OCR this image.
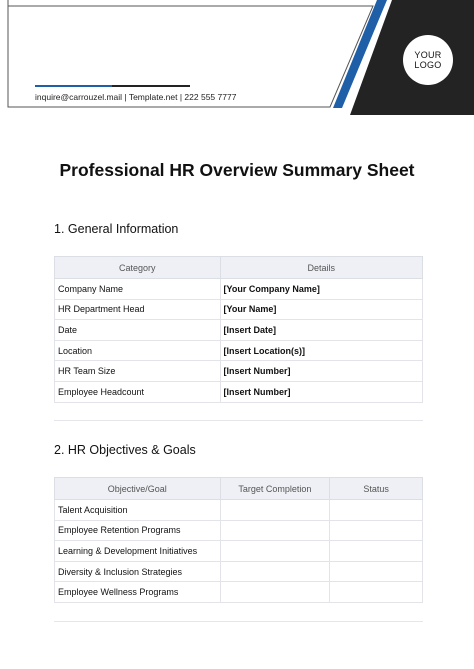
YOUR
LOGO
inquire@carrouzel.mail | Template.net | 222 555 7777
Professional HR Overview Summary Sheet
1. General Information
Category	Details
Company Name	[Your Company Name]
HR Department Head	[Your Name]
Date	[Insert Date]
Location	[Insert Location(s)]
HR Team Size	[Insert Number]
Employee Headcount	[Insert Number]
2. HR Objectives & Goals
Objective/Goal	Target Completion	Status
Talent Acquisition		
Employee Retention Programs		
Learning & Development Initiatives		
Diversity & Inclusion Strategies		
Employee Wellness Programs		
